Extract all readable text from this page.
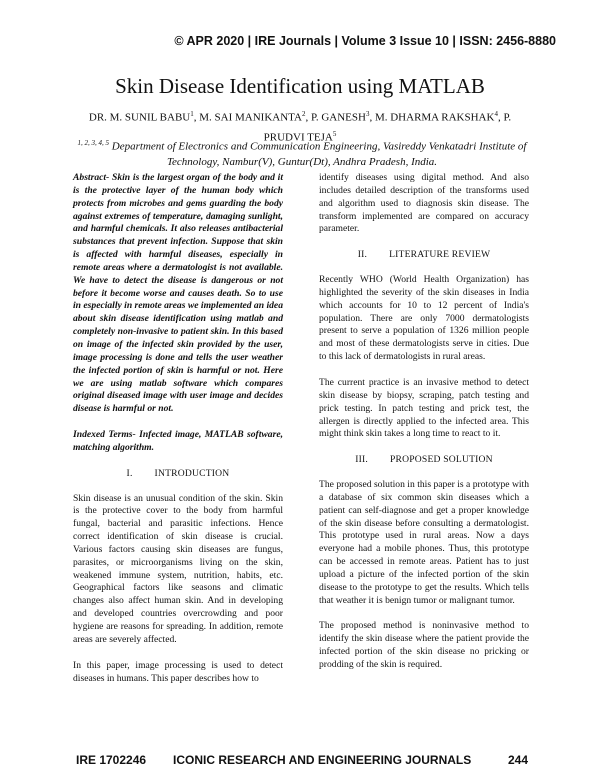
© APR 2020 | IRE Journals | Volume 3 Issue 10 | ISSN: 2456-8880
Skin Disease Identification using MATLAB
DR. M. SUNIL BABU$^1$, M. SAI MANIKANTA$^2$, P. GANESH$^3$, M. DHARMA RAKSHAK$^4$, P. PRUDVI TEJA$^5$
$^{1, 2, 3, 4, 5}$ Department of Electronics and Communication Engineering, Vasireddy Venkatadri Institute of Technology, Nambur(V), Guntur(Dt), Andhra Pradesh, India.

Abstract- Skin is the largest organ of the body and it is the protective layer of the human body which protects from microbes and gems guarding the body against extremes of temperature, damaging sunlight, and harmful chemicals. It also releases antibacterial substances that prevent infection. Suppose that skin is affected with harmful diseases, especially in remote areas where a dermatologist is not available. We have to detect the disease is dangerous or not before it become worse and causes death. So to use in especially in remote areas we implemented an idea about skin disease identification using matlab and completely non-invasive to patient skin. In this based on image of the infected skin provided by the user, image processing is done and tells the user weather the infected portion of skin is harmful or not. Here we are using matlab software which compares original diseased image with user image and decides disease is harmful or not.

Indexed Terms- Infected image, MATLAB software, matching algorithm.

I. INTRODUCTION

Skin disease is an unusual condition of the skin. Skin is the protective cover to the body from harmful fungal, bacterial and parasitic infections. Hence correct identification of skin disease is crucial. Various factors causing skin diseases are fungus, parasites, or microorganisms living on the skin, weakened immune system, nutrition, habits, etc. Geographical factors like seasons and climatic changes also affect human skin. And in developing and developed countries overcrowding and poor hygiene are reasons for spreading. In addition, remote areas are severely affected.

In this paper, image processing is used to detect diseases in humans. This paper describes how to

identify diseases using digital method. And also includes detailed description of the transforms used and algorithm used to diagnosis skin disease. The transform implemented are compared on accuracy parameter.

II. LITERATURE REVIEW

Recently WHO (World Health Organization) has highlighted the severity of the skin diseases in India which accounts for 10 to 12 percent of India's population. There are only 7000 dermatologists present to serve a population of 1326 million people and most of these dermatologists serve in cities. Due to this lack of dermatologists in rural areas.

The current practice is an invasive method to detect skin disease by biopsy, scraping, patch testing and prick testing. In patch testing and prick test, the allergen is directly applied to the infected area. This might think skin takes a long time to react to it.

III. PROPOSED SOLUTION

The proposed solution in this paper is a prototype with a database of six common skin diseases which a patient can self-diagnose and get a proper knowledge of the skin disease before consulting a dermatologist. This prototype used in rural areas. Now a days everyone had a mobile phones. Thus, this prototype can be accessed in remote areas. Patient has to just upload a picture of the infected portion of the skin disease to the prototype to get the results. Which tells that weather it is benign tumor or malignant tumor.

The proposed method is noninvasive method to identify the skin disease where the patient provide the infected portion of the skin disease no pricking or prodding of the skin is required.

IRE 1702246 ICONIC RESEARCH AND ENGINEERING JOURNALS	244
